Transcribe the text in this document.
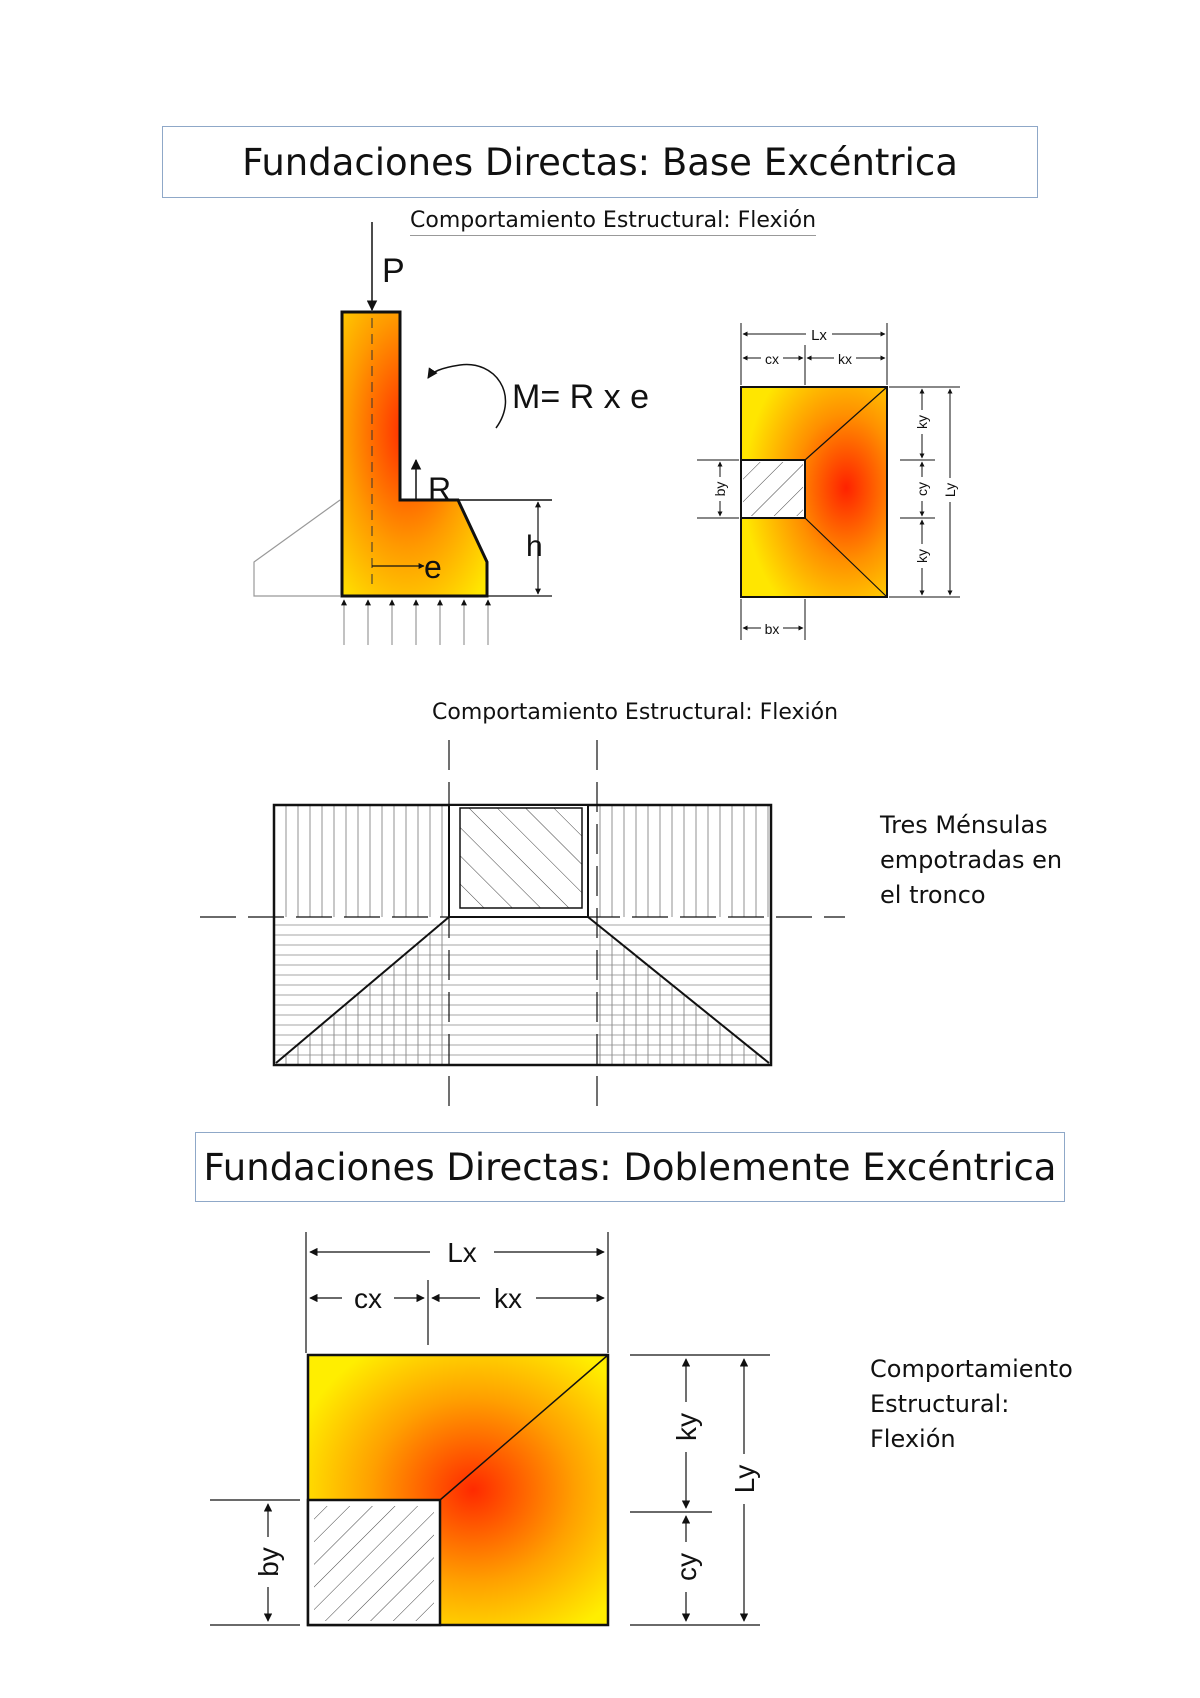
Fundaciones Directas: Base Excéntrica
Comportamiento Estructural: Flexión
Comportamiento Estructural: Flexión
Tres Ménsulas
empotradas en
el tronco
Fundaciones Directas: Doblemente Excéntrica
Comportamiento
Estructural:
Flexión
P
M= R x e
R
e
h
Lx
cx	kx
bx
by
ky
cy
ky
Ly
Lx
cx	kx
ky
cy
Ly
by
